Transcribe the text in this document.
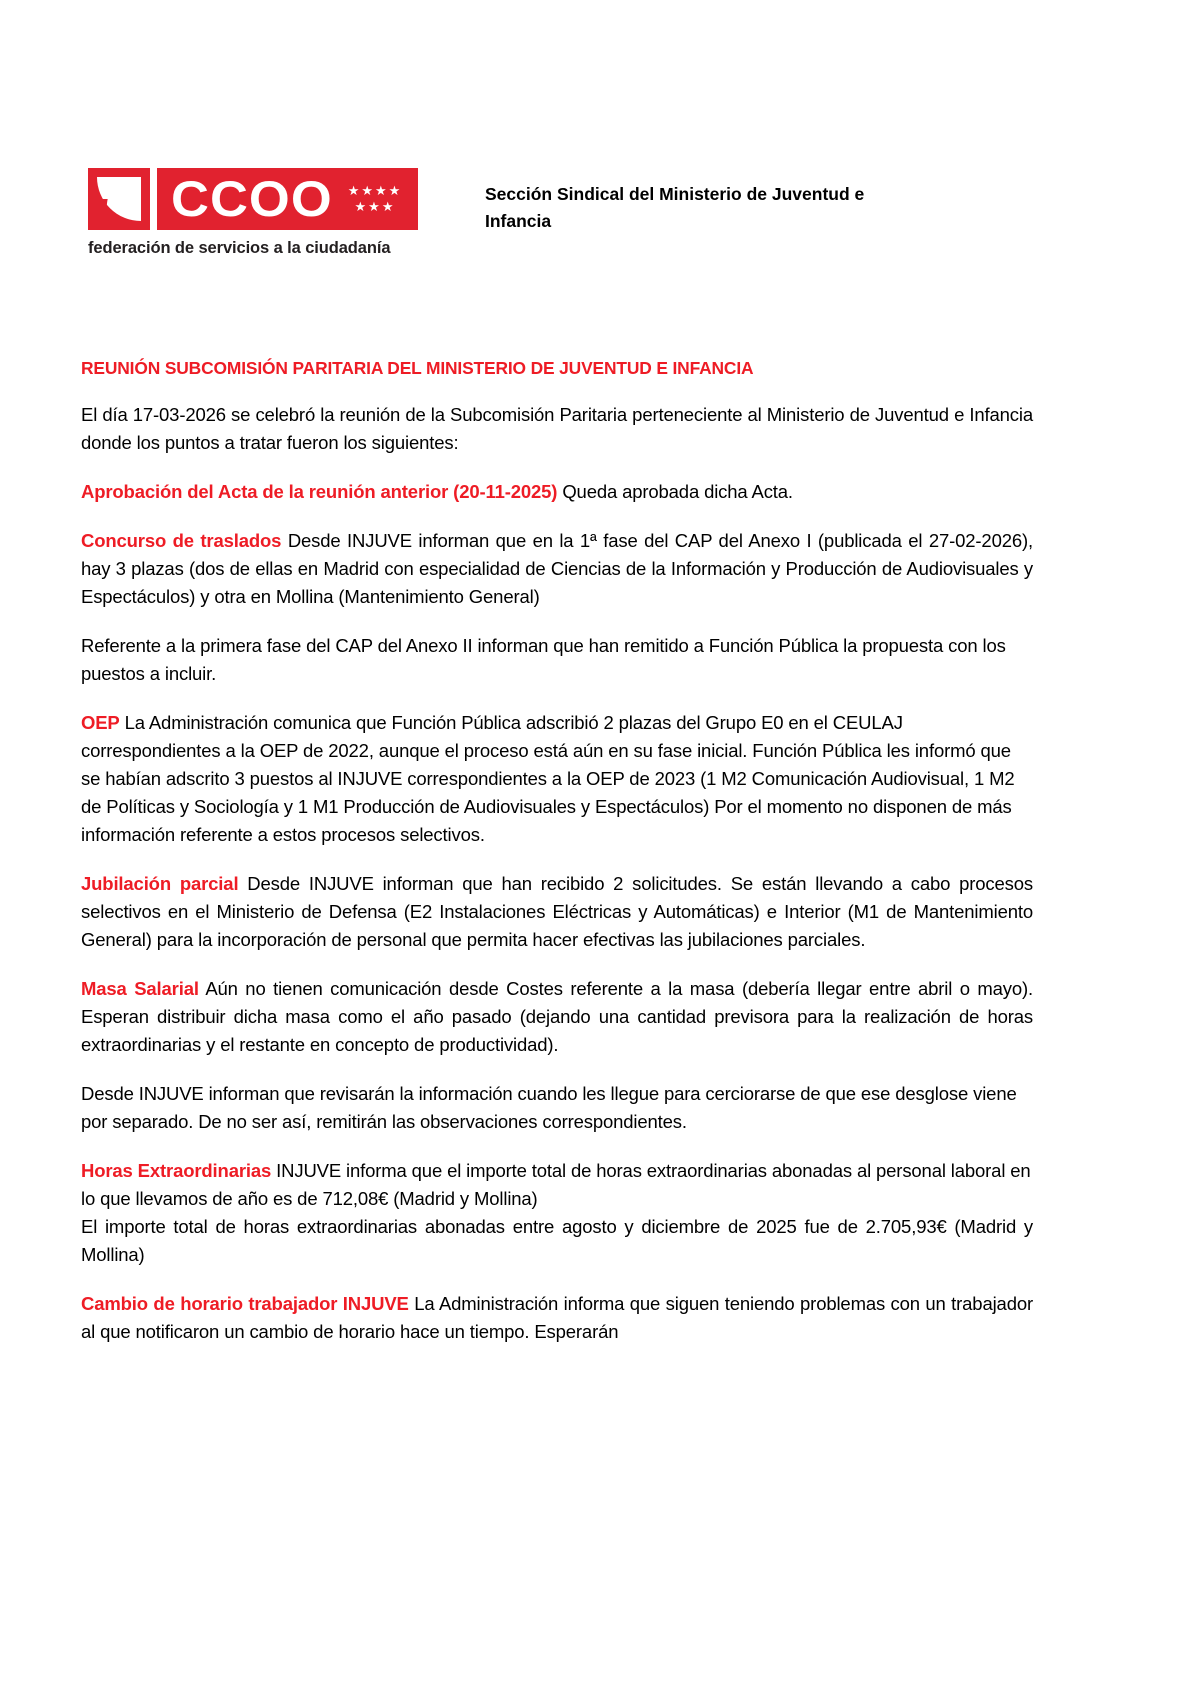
CCOO ★★★★ ★★★
federación de servicios a la ciudadanía
Sección Sindical del Ministerio de Juventud e Infancia
REUNIÓN SUBCOMISIÓN PARITARIA DEL MINISTERIO DE JUVENTUD E INFANCIA

El día 17-03-2026 se celebró la reunión de la Subcomisión Paritaria perteneciente al Ministerio de Juventud e Infancia donde los puntos a tratar fueron los siguientes:

Aprobación del Acta de la reunión anterior (20-11-2025) Queda aprobada dicha Acta.

Concurso de traslados Desde INJUVE informan que en la 1ª fase del CAP del Anexo I (publicada el 27-02-2026), hay 3 plazas (dos de ellas en Madrid con especialidad de Ciencias de la Información y Producción de Audiovisuales y Espectáculos) y otra en Mollina (Mantenimiento General)

Referente a la primera fase del CAP del Anexo II informan que han remitido a Función Pública la propuesta con los puestos a incluir.

OEP La Administración comunica que Función Pública adscribió 2 plazas del Grupo E0 en el CEULAJ correspondientes a la OEP de 2022, aunque el proceso está aún en su fase inicial. Función Pública les informó que se habían adscrito 3 puestos al INJUVE correspondientes a la OEP de 2023 (1 M2 Comunicación Audiovisual, 1 M2 de Políticas y Sociología y 1 M1 Producción de Audiovisuales y Espectáculos) Por el momento no disponen de más información referente a estos procesos selectivos.

Jubilación parcial Desde INJUVE informan que han recibido 2 solicitudes. Se están llevando a cabo procesos selectivos en el Ministerio de Defensa (E2 Instalaciones Eléctricas y Automáticas) e Interior (M1 de Mantenimiento General) para la incorporación de personal que permita hacer efectivas las jubilaciones parciales.

Masa Salarial Aún no tienen comunicación desde Costes referente a la masa (debería llegar entre abril o mayo). Esperan distribuir dicha masa como el año pasado (dejando una cantidad previsora para la realización de horas extraordinarias y el restante en concepto de productividad).

Desde INJUVE informan que revisarán la información cuando les llegue para cerciorarse de que ese desglose viene por separado. De no ser así, remitirán las observaciones correspondientes.

Horas Extraordinarias INJUVE informa que el importe total de horas extraordinarias abonadas al personal laboral en lo que llevamos de año es de 712,08€ (Madrid y Mollina)

El importe total de horas extraordinarias abonadas entre agosto y diciembre de 2025 fue de 2.705,93€ (Madrid y Mollina)

Cambio de horario trabajador INJUVE La Administración informa que siguen teniendo problemas con un trabajador al que notificaron un cambio de horario hace un tiempo. Esperarán
